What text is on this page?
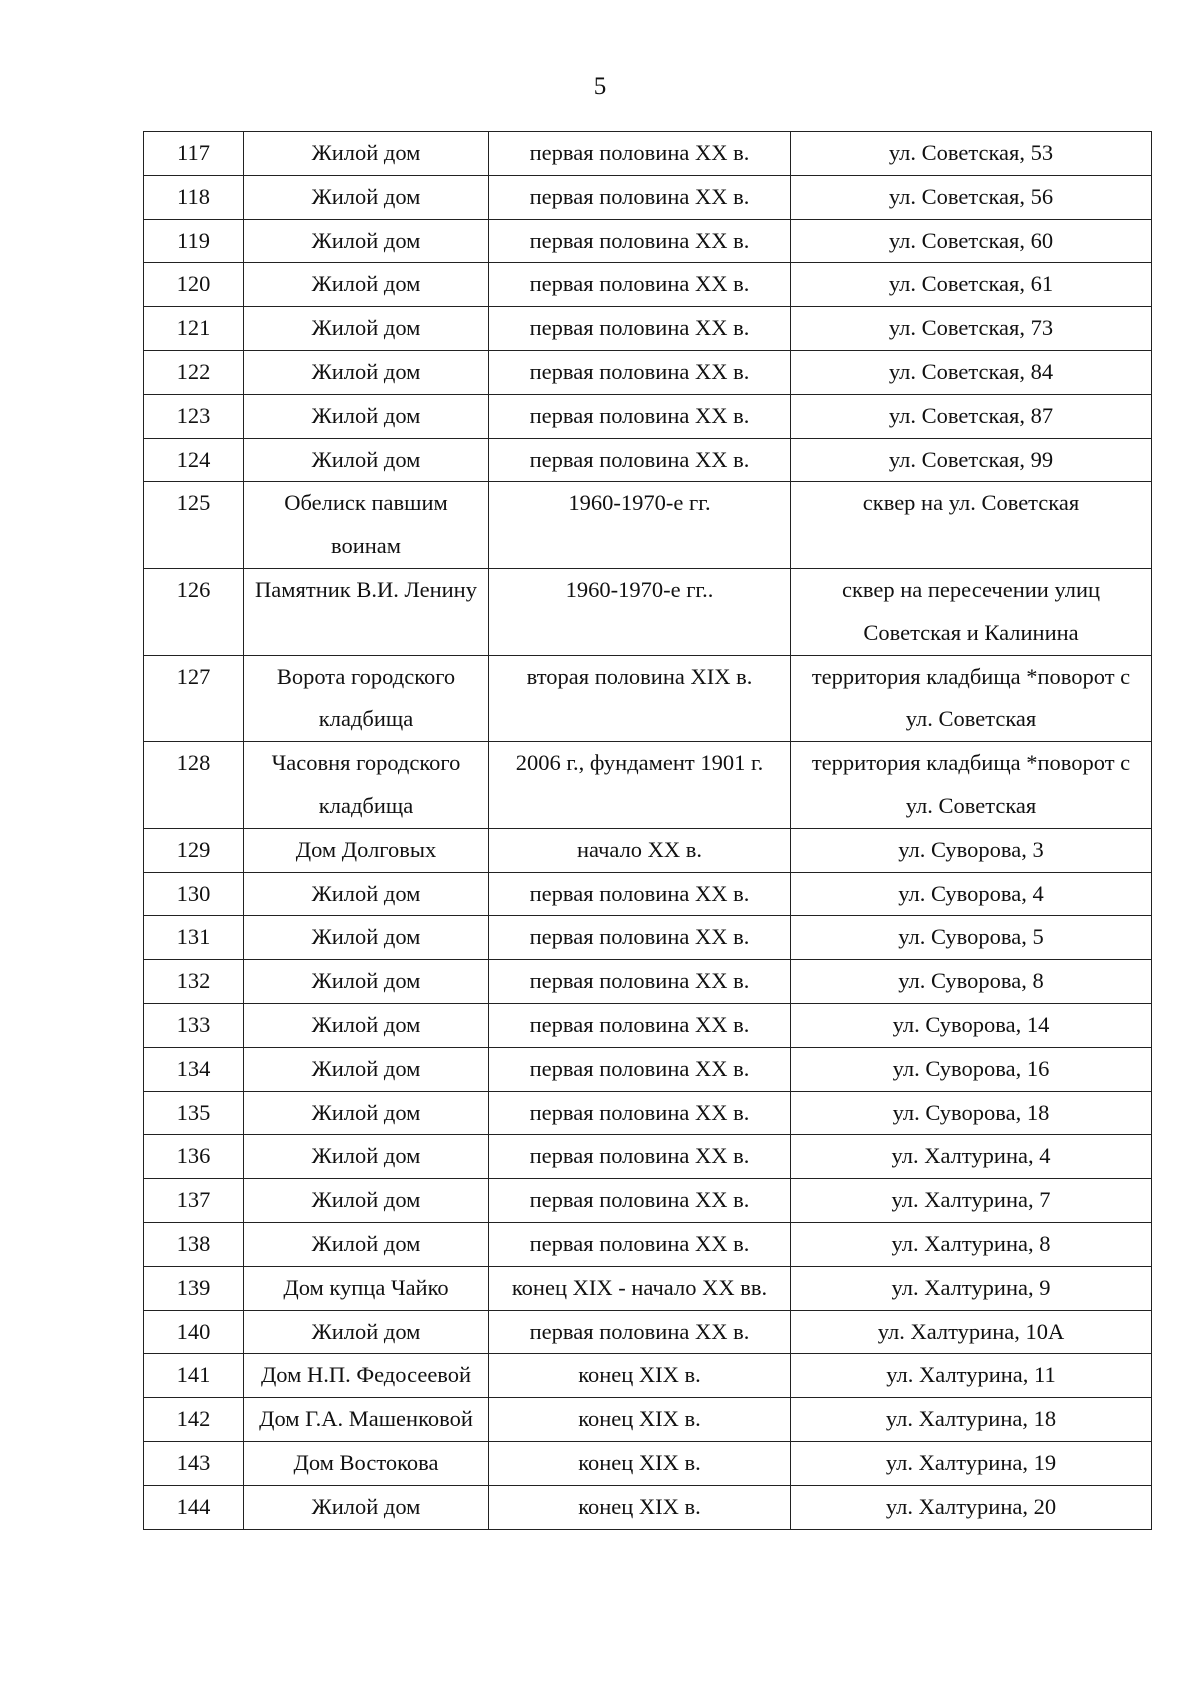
5
117	Жилой дом	первая половина XX в.	ул. Советская, 53
118	Жилой дом	первая половина XX в.	ул. Советская, 56
119	Жилой дом	первая половина XX в.	ул. Советская, 60
120	Жилой дом	первая половина XX в.	ул. Советская, 61
121	Жилой дом	первая половина XX в.	ул. Советская, 73
122	Жилой дом	первая половина XX в.	ул. Советская, 84
123	Жилой дом	первая половина XX в.	ул. Советская, 87
124	Жилой дом	первая половина XX в.	ул. Советская, 99
125	Обелиск павшим воинам	1960-1970-е гг.	сквер на ул. Советская
126	Памятник В.И. Ленину	1960-1970-е гг..	сквер на пересечении улиц Советская и Калинина
127	Ворота городского кладбища	вторая половина XIX в.	территория кладбища *поворот с ул. Советская
128	Часовня городского кладбища	2006 г., фундамент 1901 г.	территория кладбища *поворот с ул. Советская
129	Дом Долговых	начало XX в.	ул. Суворова, 3
130	Жилой дом	первая половина XX в.	ул. Суворова, 4
131	Жилой дом	первая половина XX в.	ул. Суворова, 5
132	Жилой дом	первая половина XX в.	ул. Суворова, 8
133	Жилой дом	первая половина XX в.	ул. Суворова, 14
134	Жилой дом	первая половина XX в.	ул. Суворова, 16
135	Жилой дом	первая половина XX в.	ул. Суворова, 18
136	Жилой дом	первая половина XX в.	ул. Халтурина, 4
137	Жилой дом	первая половина XX в.	ул. Халтурина, 7
138	Жилой дом	первая половина XX в.	ул. Халтурина, 8
139	Дом купца Чайко	конец XIX - начало XX вв.	ул. Халтурина, 9
140	Жилой дом	первая половина XX в.	ул. Халтурина, 10А
141	Дом Н.П. Федосеевой	конец XIX в.	ул. Халтурина, 11
142	Дом Г.А. Машенковой	конец XIX в.	ул. Халтурина, 18
143	Дом Востокова	конец XIX в.	ул. Халтурина, 19
144	Жилой дом	конец XIX в.	ул. Халтурина, 20
